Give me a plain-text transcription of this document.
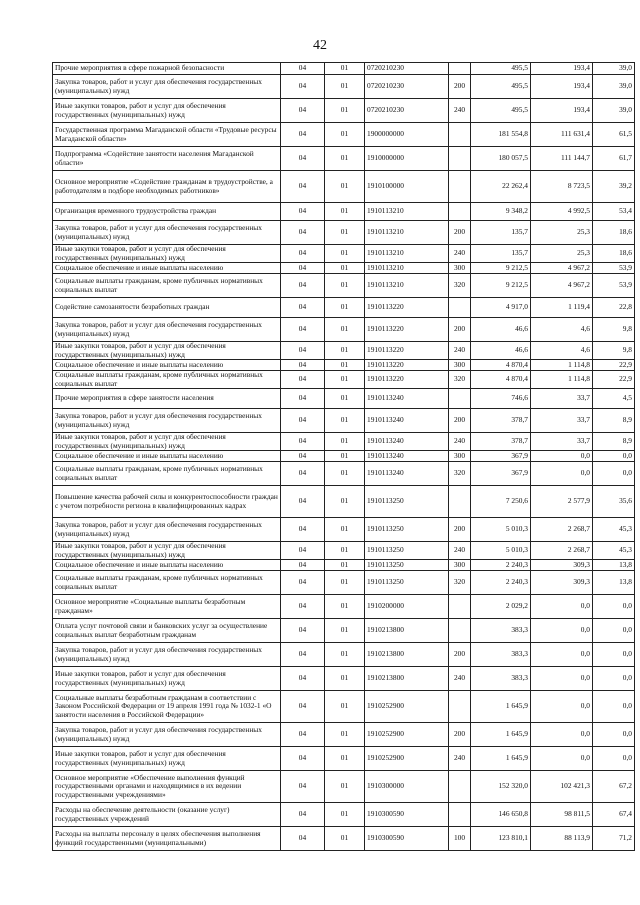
42
Прочие мероприятия в сфере пожарной безопасности	04	01	0720210230		495,5	193,4	39,0
Закупка товаров, работ и услуг для обеспечения государственных (муниципальных) нужд	04	01	0720210230	200	495,5	193,4	39,0
Иные закупки товаров, работ и услуг для обеспечения государственных (муниципальных) нужд	04	01	0720210230	240	495,5	193,4	39,0
Государственная программа Магаданской области «Трудовые ресурсы Магаданской области»	04	01	1900000000		181 554,8	111 631,4	61,5
Подпрограмма «Содействие занятости населения Магаданской области»	04	01	1910000000		180 057,5	111 144,7	61,7
Основное мероприятие «Содействие гражданам в трудоустройстве, а работодателям в подборе необходимых работников»	04	01	1910100000		22 262,4	8 723,5	39,2
Организация временного трудоустройства граждан	04	01	1910113210		9 348,2	4 992,5	53,4
Закупка товаров, работ и услуг для обеспечения государственных (муниципальных) нужд	04	01	1910113210	200	135,7	25,3	18,6
Иные закупки товаров, работ и услуг для обеспечения государственных (муниципальных) нужд	04	01	1910113210	240	135,7	25,3	18,6
Социальное обеспечение и иные выплаты населению	04	01	1910113210	300	9 212,5	4 967,2	53,9
Социальные выплаты гражданам, кроме публичных нормативных социальных выплат	04	01	1910113210	320	9 212,5	4 967,2	53,9
Содействие самозанятости безработных граждан	04	01	1910113220		4 917,0	1 119,4	22,8
Закупка товаров, работ и услуг для обеспечения государственных (муниципальных) нужд	04	01	1910113220	200	46,6	4,6	9,8
Иные закупки товаров, работ и услуг для обеспечения государственных (муниципальных) нужд	04	01	1910113220	240	46,6	4,6	9,8
Социальное обеспечение и иные выплаты населению	04	01	1910113220	300	4 870,4	1 114,8	22,9
Социальные выплаты гражданам, кроме публичных нормативных социальных выплат	04	01	1910113220	320	4 870,4	1 114,8	22,9
Прочие мероприятия в сфере занятости населения	04	01	1910113240		746,6	33,7	4,5
Закупка товаров, работ и услуг для обеспечения государственных (муниципальных) нужд	04	01	1910113240	200	378,7	33,7	8,9
Иные закупки товаров, работ и услуг для обеспечения государственных (муниципальных) нужд	04	01	1910113240	240	378,7	33,7	8,9
Социальное обеспечение и иные выплаты населению	04	01	1910113240	300	367,9	0,0	0,0
Социальные выплаты гражданам, кроме публичных нормативных социальных выплат	04	01	1910113240	320	367,9	0,0	0,0
Повышение качества рабочей силы и конкурентоспособности граждан с учетом потребности региона в квалифицированных кадрах	04	01	1910113250		7 250,6	2 577,9	35,6
Закупка товаров, работ и услуг для обеспечения государственных (муниципальных) нужд	04	01	1910113250	200	5 010,3	2 268,7	45,3
Иные закупки товаров, работ и услуг для обеспечения государственных (муниципальных) нужд	04	01	1910113250	240	5 010,3	2 268,7	45,3
Социальное обеспечение и иные выплаты населению	04	01	1910113250	300	2 240,3	309,3	13,8
Социальные выплаты гражданам, кроме публичных нормативных социальных выплат	04	01	1910113250	320	2 240,3	309,3	13,8
Основное мероприятие «Социальные выплаты безработным гражданам»	04	01	1910200000		2 029,2	0,0	0,0
Оплата услуг почтовой связи и банковских услуг за осуществление социальных выплат безработным гражданам	04	01	1910213800		383,3	0,0	0,0
Закупка товаров, работ и услуг для обеспечения государственных (муниципальных) нужд	04	01	1910213800	200	383,3	0,0	0,0
Иные закупки товаров, работ и услуг для обеспечения государственных (муниципальных) нужд	04	01	1910213800	240	383,3	0,0	0,0
Социальные выплаты безработным гражданам в соответствии с Законом Российской Федерации от 19 апреля 1991 года № 1032-1 «О занятости населения в Российской Федерации»	04	01	1910252900		1 645,9	0,0	0,0
Закупка товаров, работ и услуг для обеспечения государственных (муниципальных) нужд	04	01	1910252900	200	1 645,9	0,0	0,0
Иные закупки товаров, работ и услуг для обеспечения государственных (муниципальных) нужд	04	01	1910252900	240	1 645,9	0,0	0,0
Основное мероприятие «Обеспечение выполнения функций государственными органами и находящимися в их ведении государственными учреждениями»	04	01	1910300000		152 320,0	102 421,3	67,2
Расходы на обеспечение деятельности (оказание услуг) государственных учреждений	04	01	1910300590		146 650,8	98 811,5	67,4
Расходы на выплаты персоналу в целях обеспечения выполнения функций государственными (муниципальными)	04	01	1910300590	100	123 810,1	88 113,9	71,2
